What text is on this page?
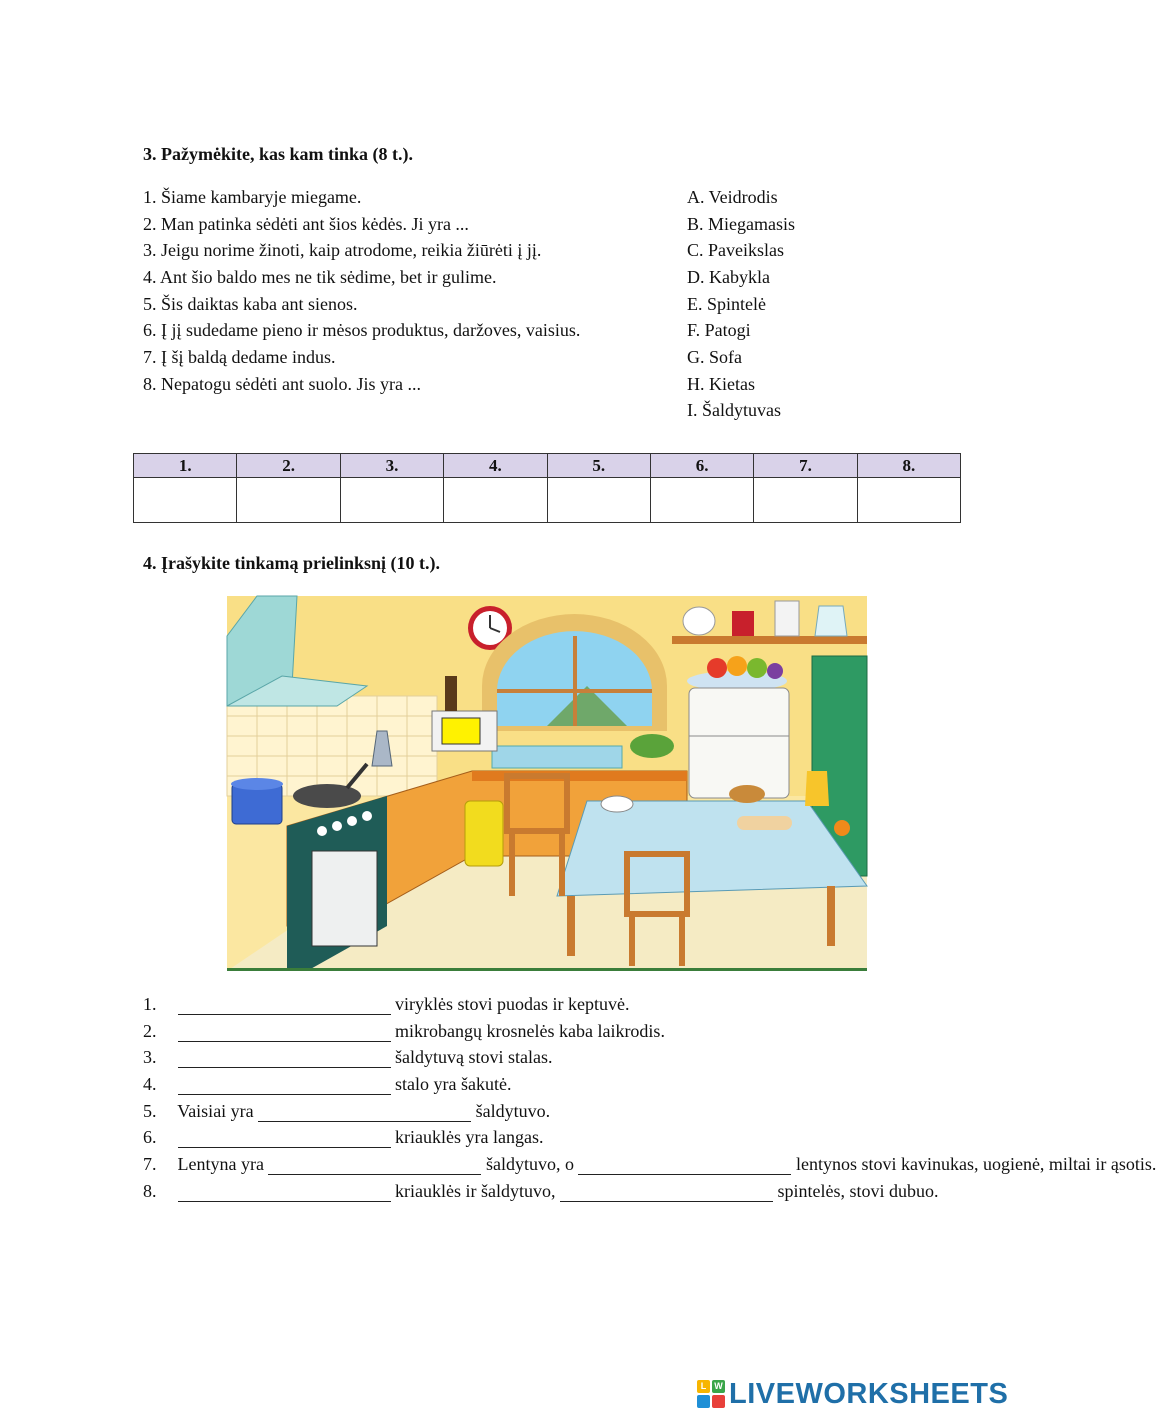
3. Pažymėkite, kas kam tinka (8 t.).
1. Šiame kambaryje miegame.
2. Man patinka sėdėti ant šios kėdės. Ji yra ...
3. Jeigu norime žinoti, kaip atrodome, reikia žiūrėti į jį.
4. Ant šio baldo mes ne tik sėdime, bet ir gulime.
5. Šis daiktas kaba ant sienos.
6. Į jį sudedame pieno ir mėsos produktus, daržoves, vaisius.
7. Į šį baldą dedame indus.
8. Nepatogu sėdėti ant suolo. Jis yra ...
A. Veidrodis
B. Miegamasis
C. Paveikslas
D. Kabykla
E. Spintelė
F. Patogi
G. Sofa
H. Kietas
I. Šaldytuvas
1.	2.	3.	4.	5.	6.	7.	8.

4. Įrašykite tinkamą prielinksnį (10 t.).
1.	viryklės stovi puodas ir keptuvė.
2.	mikrobangų krosnelės kaba laikrodis.
3.	šaldytuvą stovi stalas.
4.	stalo yra šakutė.
5. Vaisiai yra	šaldytuvo.
6.	kriauklės yra langas.
7. Lentyna yra	šaldytuvo, o	lentynos stovi kavinukas, uogienė, miltai ir ąsotis.
8.	kriauklės ir šaldytuvo,	spintelės, stovi dubuo.
L W LIVEWORKSHEETS
